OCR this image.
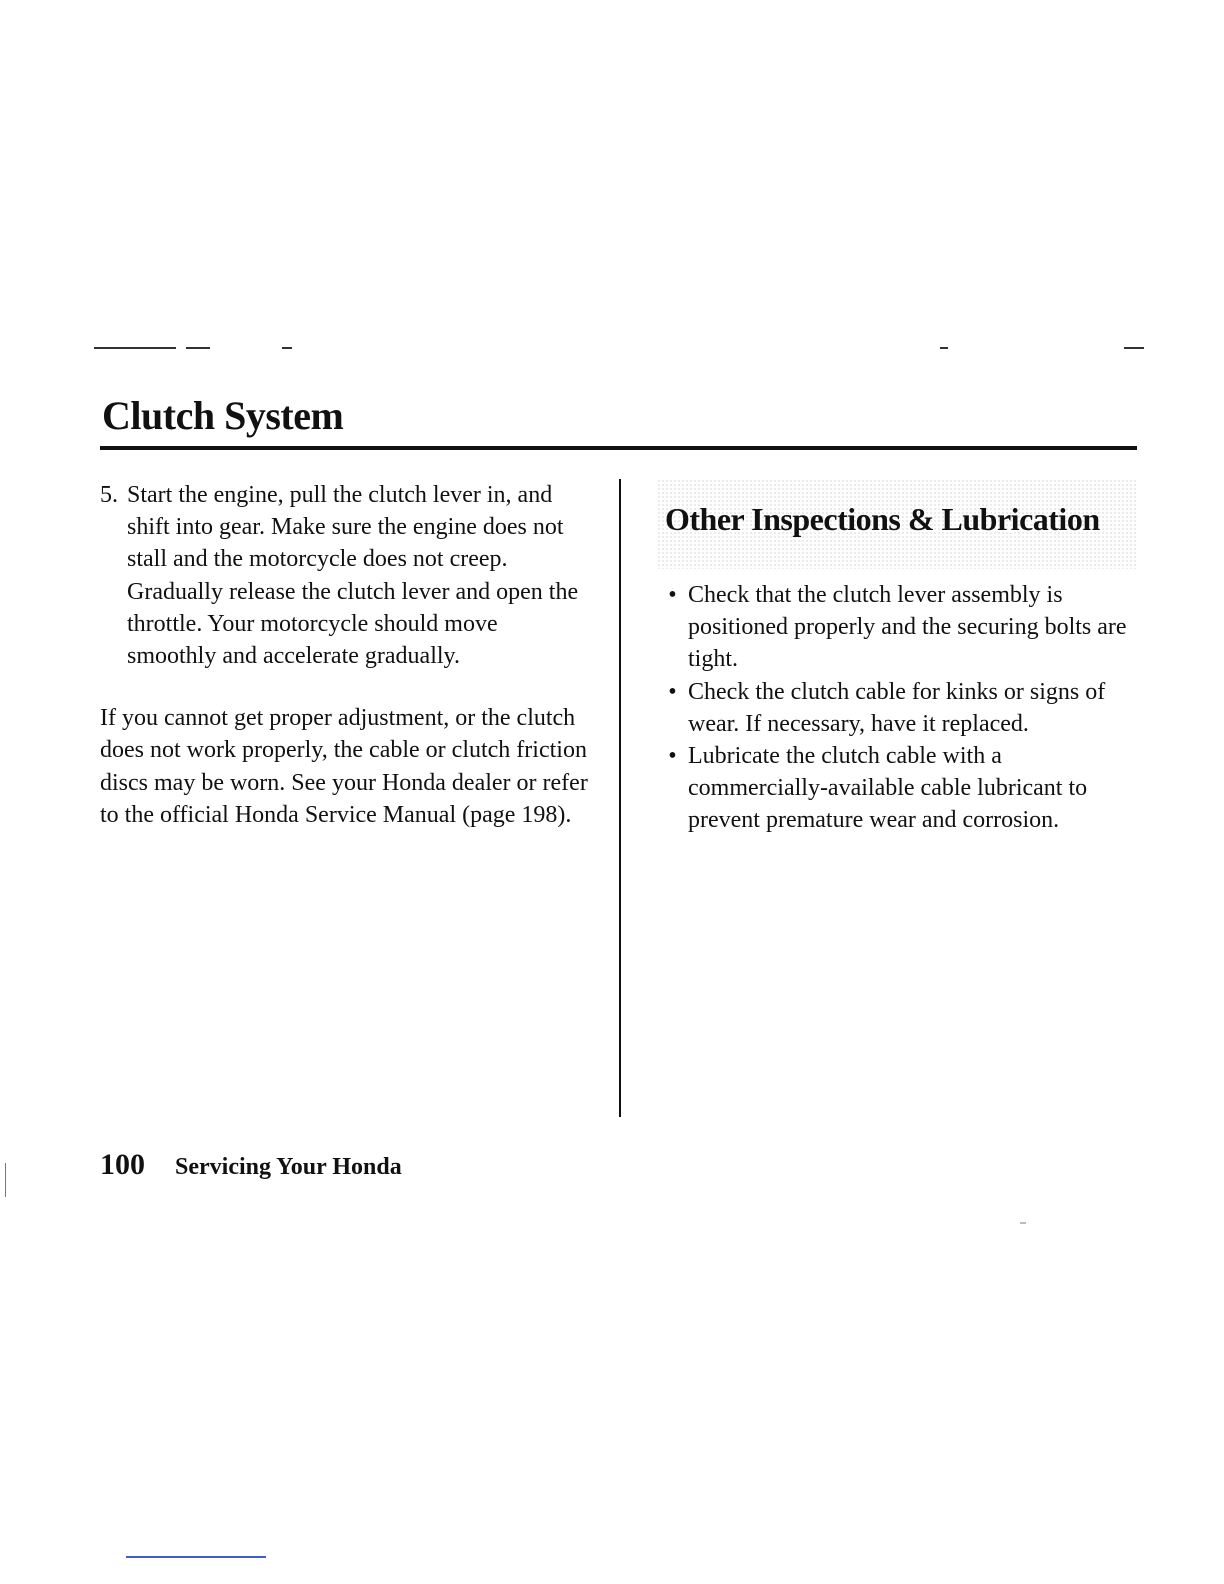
Clutch System
5. Start the engine, pull the clutch lever in, and shift into gear. Make sure the engine does not stall and the motorcycle does not creep. Gradually release the clutch lever and open the throttle. Your motorcycle should move smoothly and accelerate gradually.

If you cannot get proper adjustment, or the clutch does not work properly, the cable or clutch friction discs may be worn. See your Honda dealer or refer to the official Honda Service Manual (page 198).

Other Inspections & Lubrication
• Check that the clutch lever assembly is positioned properly and the securing bolts are tight.
• Check the clutch cable for kinks or signs of wear. If necessary, have it replaced.
• Lubricate the clutch cable with a commercially-available cable lubricant to prevent premature wear and corrosion.
100 Servicing Your Honda
